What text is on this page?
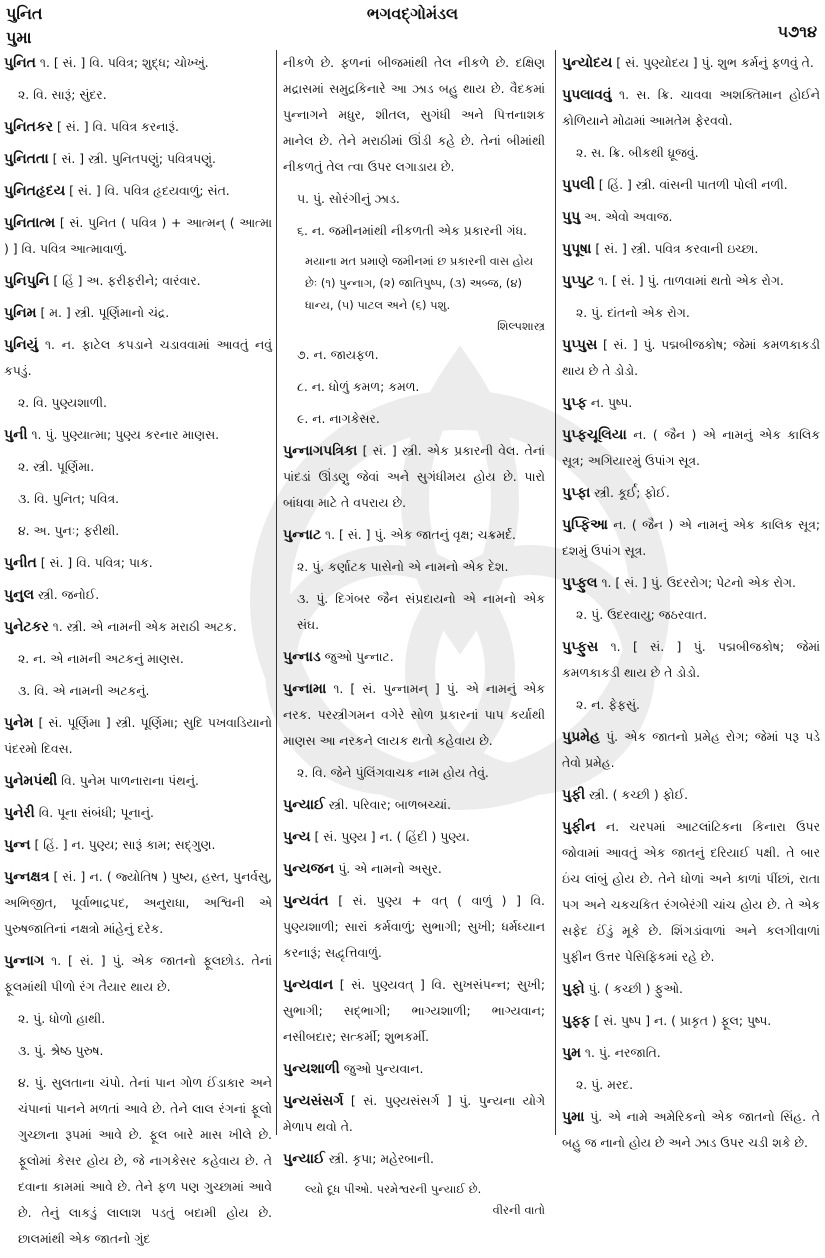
પુનિત
પુમા
ભગવદ્ગોમંડલ
૫૭૧૪
પુનિત ૧. [ સં. ] વિ. પવિત્ર; શુદ્ધ; ચોખ્ખું.
૨. વિ. સારૂં; સુંદર.
પુનિતકર [ સં. ] વિ. પવિત્ર કરનારૂં.
પુનિતતા [ સં. ] સ્ત્રી. પુનિતપણું; પવિત્રપણું.
પુનિતહૃદય [ સં. ] વિ. પવિત્ર હૃદયવાળું; સંત.
પુનિતાત્મ [ સં. પુનિત ( પવિત્ર ) + આત્મન્ ( આત્મા ) ] વિ. પવિત્ર આત્માવાળું.
પુનિપુનિ [ હિં ] અ. ફરીફરીને; વારંવાર.
પુનિમ [ મ. ] સ્ત્રી. પૂર્ણિમાનો ચંદ્ર.
પુનિયું ૧. ન. ફાટેલ કપડાને ચડાવવામાં આવતું નવું કપડું.
૨. વિ. પુણ્યશાળી.
પુની ૧. પું. પુણ્યાત્મા; પુણ્ય કરનાર માણસ.
૨. સ્ત્રી. પૂર્ણિમા.
૩. વિ. પુનિત; પવિત્ર.
૪. અ. પુનઃ; ફરીથી.
પુનીત [ સં. ] વિ. પવિત્ર; પાક.
પુનુલ સ્ત્રી. જનોઈ.
પુનેટકર ૧. સ્ત્રી. એ નામની એક મરાઠી અટક.
૨. ન. એ નામની અટકનું માણસ.
૩. વિ. એ નામની અટકનું.
પુનેમ [ સં. પૂર્ણિમા ] સ્ત્રી. પૂર્ણિમા; સુદિ પખવાડિયાનો પંદરમો દિવસ.
પુનેમપંથી વિ. પુનેમ પાળનારાના પંથનું.
પુનેરી વિ. પૂના સંબંધી; પૂનાનું.
પુન્ન [ હિં. ] ન. પુણ્ય; સારૂં કામ; સદ્ગુણ.
પુન્નક્ષત્ર [ સં. ] ન. ( જ્યોતિષ ) પુષ્ય, હસ્ત, પુનર્વસુ, અભિજીત, પૂર્વાભાદ્રપદ, અનુરાધા, અશ્વિની એ પુરુષજાતિનાં નક્ષત્રો માંહેનું દરેક.
પુન્નાગ ૧. [ સં. ] પું. એક જાતનો ફૂલછોડ. તેનાં ફૂલમાંથી પીળો રંગ તૈયાર થાય છે.
૨. પું. ધોળો હાથી.
૩. પું. શ્રેષ્ઠ પુરુષ.
૪. પું. સુલતાના ચંપો. તેનાં પાન ગોળ ઈંડાકાર અને ચંપાનાં પાનને મળતાં આવે છે. તેને લાલ રંગનાં ફૂલો ગુચ્છાના રૂપમાં આવે છે. ફૂલ બારે માસ ખીલે છે. ફૂલોમાં કેસર હોય છે, જે નાગકેસર કહેવાય છે. તે દવાના કામમાં આવે છે. તેને ફળ પણ ગુચ્છામાં આવે છે. તેનું લાકડું લાલાશ પડતું બદામી હોય છે. છાલમાંથી એક જાતનો ગુંદ
નીકળે છે. ફળનાં બીજમાંથી તેલ નીકળે છે. દક્ષિણ મદ્રાસમાં સમુદ્રકિનારે આ ઝાડ બહુ થાય છે. વૈદકમાં પુન્નાગને મધુર, શીતલ, સુગંધી અને પિત્તનાશક માનેલ છે. તેને મરાઠીમાં ઊંડી કહે છે. તેનાં બીમાંથી નીકળતું તેલ ત્વા ઉપર લગાડાય છે.
૫. પું. સોરંગીનું ઝાડ.
૬. ન. જમીનમાંથી નીકળતી એક પ્રકારની ગંધ.
મયાના મત પ્રમાણે જમીનમાં છ પ્રકારની વાસ હોય છેઃ (૧) પુન્નાગ, (૨) જાતિપુષ્પ, (૩) અબ્જ, (૪) ધાન્ય, (૫) પાટલ અને (૬) પશુ.
શિલ્પશાસ્ત્ર
૭. ન. જાયફળ.
૮. ન. ધોળું કમળ; કમળ.
૯. ન. નાગકેસર.
પુન્નાગપત્રિકા [ સં. ] સ્ત્રી. એક પ્રકારની વેલ. તેનાં પાંદડાં ઊંડણુ જેવાં અને સુગંધીમય હોય છે. પારો બાંધવા માટે તે વપરાય છે.
પુન્નાટ ૧. [ સં. ] પું. એક જાતનું વૃક્ષ; ચક્રમર્દ.
૨. પું. કર્ણાટક પાસેનો એ નામનો એક દેશ.
૩. પું. દિગંબર જૈન સંપ્રદાયનો એ નામનો એક સંઘ.
પુન્નાડ જુઓ પુન્નાટ.
પુન્નામા ૧. [ સં. પુન્નામન્ ] પું. એ નામનું એક નરક. પરસ્ત્રીગમન વગેરે સોળ પ્રકારનાં પાપ કર્યાથી માણસ આ નરકને લાયક થતો કહેવાય છે.
૨. વિ. જેને પુંલિંગવાચક નામ હોય તેવું.
પુન્યાઈ સ્ત્રી. પરિવાર; બાળબચ્ચાં.
પુન્ય [ સં. પુણ્ય ] ન. ( હિંદી ) પુણ્ય.
પુન્યજન પું. એ નામનો અસુર.
પુન્યવંત [ સં. પુણ્ય + વત્ ( વાળું ) ] વિ. પુણ્યશાળી; સારાં કર્મવાળું; સુભાગી; સુખી; ધર્મધ્યાન કરનારૂં; સદ્વૃત્તિવાળું.
પુન્યવાન [ સં. પુણ્યવત્ ] વિ. સુખસંપન્ન; સુખી; સુભાગી; સદ્ભાગી; ભાગ્યશાળી; ભાગ્યવાન; નસીબદાર; સત્કર્મી; શુભકર્મી.
પુન્યશાળી જુઓ પુન્યવાન.
પુન્યસંસર્ગ [ સં. પુણ્યસંસર્ગ ] પું. પુન્યના યોગે મેળાપ થવો તે.
પુન્યાઈ સ્ત્રી. કૃપા; મહેરબાની.
લ્યો દૂધ પીઓ. પરમેશ્વરની પુન્યાઈ છે.
વીરની વાતો
પુન્યોદય [ સં. પુણ્યોદય ] પું. શુભ કર્મનું ફળવું તે.
પુપલાવવું ૧. સ. ક્રિ. ચાવવા અશક્તિમાન હોઈને કોળિયાને મોઢામાં આમતેમ ફેરવવો.
૨. સ. ક્રિ. બીકથી ધ્રૂજવું.
પુપલી [ હિં. ] સ્ત્રી. વાંસની પાતળી પોલી નળી.
પુપુ અ. એવો અવાજ.
પુપૂષા [ સં. ] સ્ત્રી. પવિત્ર કરવાની ઇચ્છા.
પુપ્પુટ ૧. [ સં. ] પું. તાળવામાં થતો એક રોગ.
૨. પું. દાંતનો એક રોગ.
પુપ્પુસ [ સં. ] પું. પદ્મબીજકોષ; જેમાં કમળકાકડી થાય છે તે ડોડો.
પુપ્ફ ન. પુષ્પ.
પુપ્ફચૂલિયા ન. ( જૈન ) એ નામનું એક કાલિક સૂત્ર; અગિયારમું ઉપાંગ સૂત્ર.
પુપ્ફા સ્ત્રી. કૂર્ઈ; ફોઈ.
પુપ્ફિઆ ન. ( જૈન ) એ નામનું એક કાલિક સૂત્ર; દશમું ઉપાંગ સૂત્ર.
પુપ્ફુલ ૧. [ સં. ] પું. ઉદરરોગ; પેટનો એક રોગ.
૨. પું. ઉદરવાયુ; જઠરવાત.
પુપ્ફુસ ૧. [ સં. ] પું. પદ્મબીજકોષ; જેમાં કમળકાકડી થાય છે તે ડોડો.
૨. ન. ફેફસું.
પુપ્રમેહ પું. એક જાતનો પ્રમેહ રોગ; જેમાં પરૂ પડે તેવો પ્રમેહ.
પુફી સ્ત્રી. ( કચ્છી ) ફોઈ.
પુફીન ન. ચરપમાં આટલાંટિકના કિનારા ઉપર જોવામાં આવતું એક જાતનું દરિયાઈ પક્ષી. તે બાર ઇંચ લાંબું હોય છે. તેને ધોળાં અને કાળાં પીંછાં, રાતા પગ અને ચકચકિત રંગબેરંગી ચાંચ હોય છે. તે એક સફેદ ઈંડું મૂકે છે. શિંગડાંવાળાં અને કલગીવાળાં પુફીન ઉત્તર પેસિફિકમાં રહે છે.
પુફો પું. ( કચ્છી ) ફુઓ.
પુફ્ફ [ સં. પુષ્પ ] ન. ( પ્રાકૃત ) ફૂલ; પુષ્પ.
પુમ ૧. પું. નરજાતિ.
૨. પું. મરદ.
પુમા પું. એ નામે અમેરિકનો એક જાતનો સિંહ. તે બહુ જ નાનો હોય છે અને ઝાડ ઉપર ચડી શકે છે.
